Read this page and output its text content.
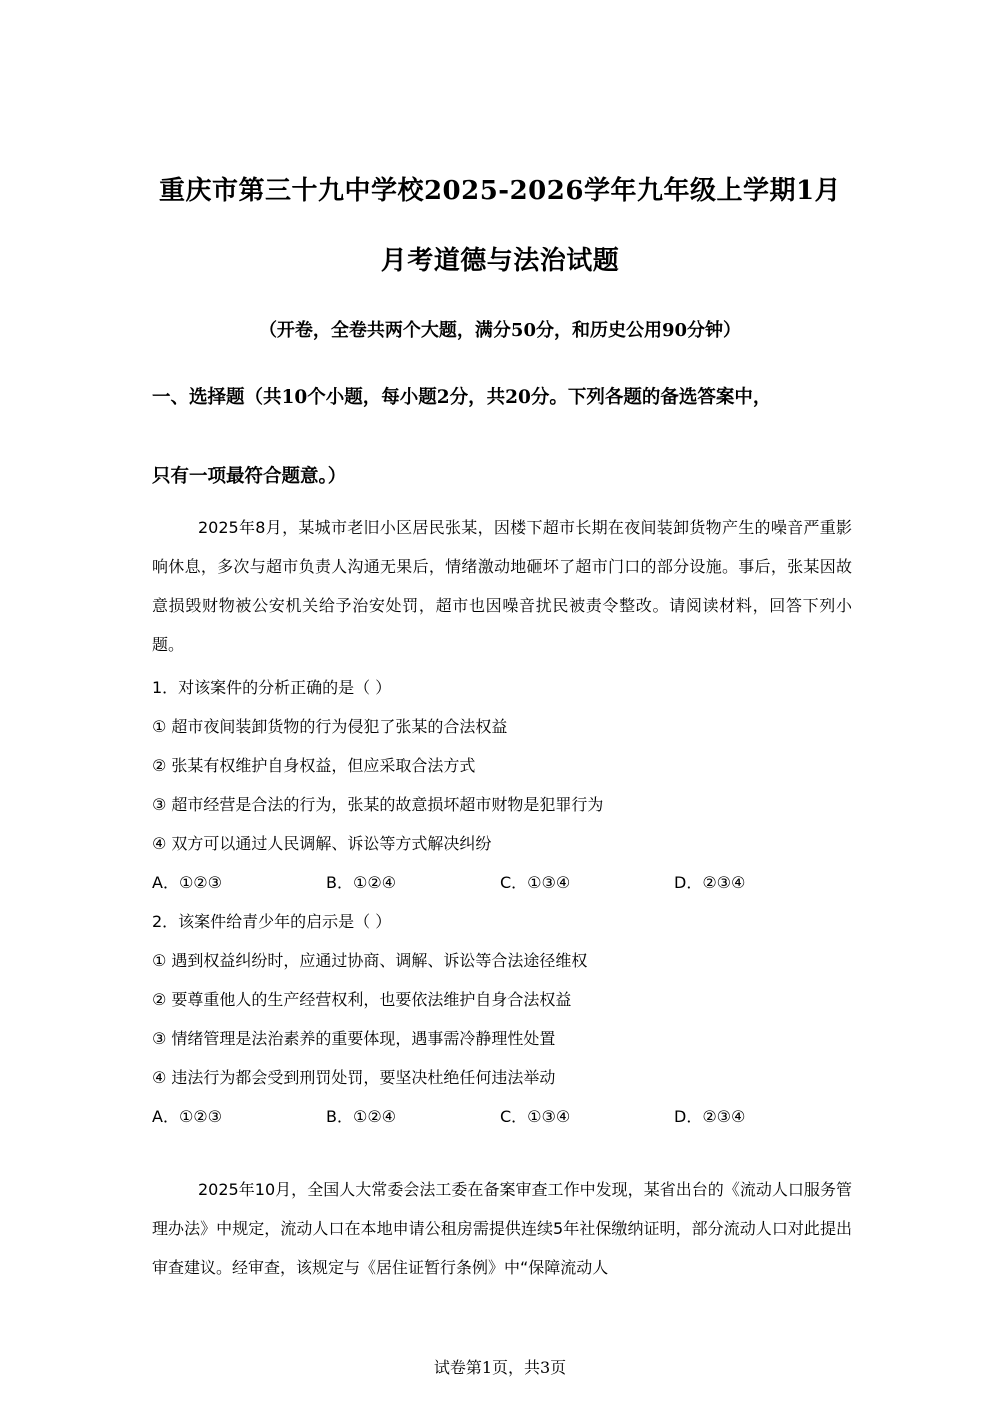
重庆市第三十九中学校2025-2026学年九年级上学期1月
月考道德与法治试题
（开卷，全卷共两个大题，满分50分，和历史公用90分钟）
一、选择题（共10个小题，每小题2分，共20分。下列各题的备选答案中，
只有一项最符合题意。）

2025年8月，某城市老旧小区居民张某，因楼下超市长期在夜间装卸货物产生的噪音严重影响休息，多次与超市负责人沟通无果后，情绪激动地砸坏了超市门口的部分设施。事后，张某因故意损毁财物被公安机关给予治安处罚，超市也因噪音扰民被责令整改。请阅读材料，回答下列小题。

1．对该案件的分析正确的是（ ）
① 超市夜间装卸货物的行为侵犯了张某的合法权益
② 张某有权维护自身权益，但应采取合法方式
③ 超市经营是合法的行为，张某的故意损坏超市财物是犯罪行为
④ 双方可以通过人民调解、诉讼等方式解决纠纷
A．①②③	B．①②④	C．①③④	D．②③④
2．该案件给青少年的启示是（ ）
① 遇到权益纠纷时，应通过协商、调解、诉讼等合法途径维权
② 要尊重他人的生产经营权利，也要依法维护自身合法权益
③ 情绪管理是法治素养的重要体现，遇事需冷静理性处置
④ 违法行为都会受到刑罚处罚，要坚决杜绝任何违法举动
A．①②③	B．①②④	C．①③④	D．②③④

2025年10月，全国人大常委会法工委在备案审查工作中发现，某省出台的《流动人口服务管理办法》中规定，流动人口在本地申请公租房需提供连续5年社保缴纳证明，部分流动人口对此提出审查建议。经审查，该规定与《居住证暂行条例》中“保障流动人

试卷第1页，共3页
